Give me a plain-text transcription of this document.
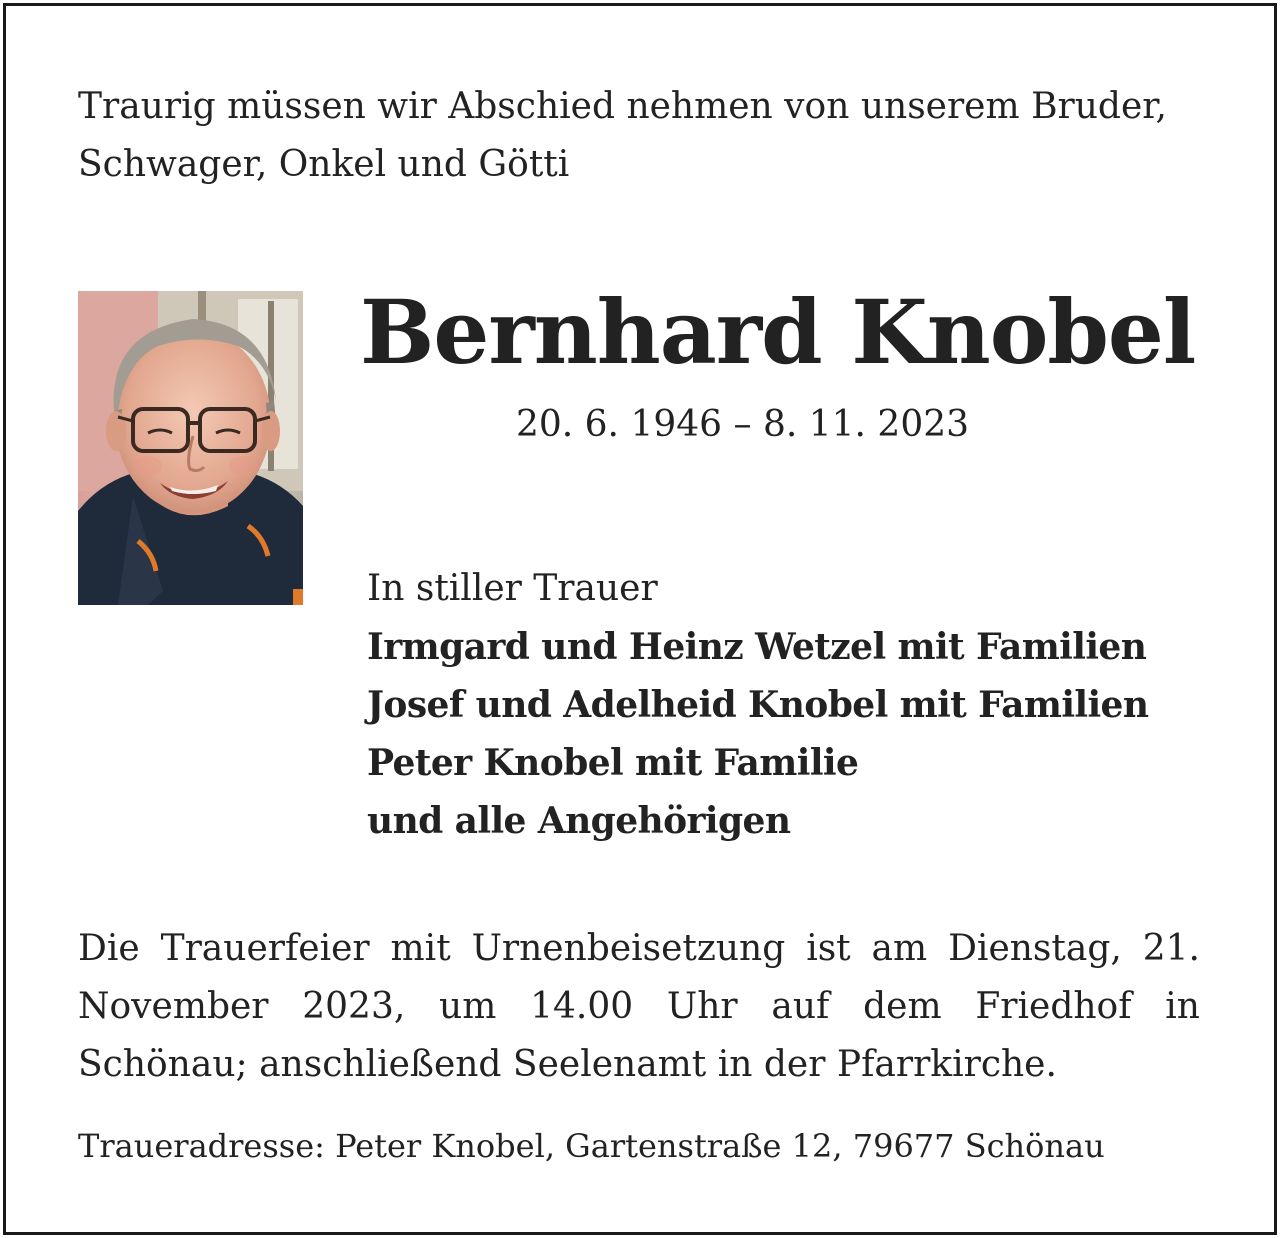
Traurig müssen wir Abschied nehmen von unserem Bruder, Schwager, Onkel und Götti

Bernhard Knobel

20. 6. 1946 – 8. 11. 2023

In stiller Trauer
Irmgard und Heinz Wetzel mit Familien
Josef und Adelheid Knobel mit Familien
Peter Knobel mit Familie
und alle Angehörigen

Die Trauerfeier mit Urnenbeisetzung ist am Dienstag, 21. November 2023, um 14.00 Uhr auf dem Friedhof in Schönau; anschließend Seelenamt in der Pfarrkirche.

Traueradresse: Peter Knobel, Gartenstraße 12, 79677 Schönau
